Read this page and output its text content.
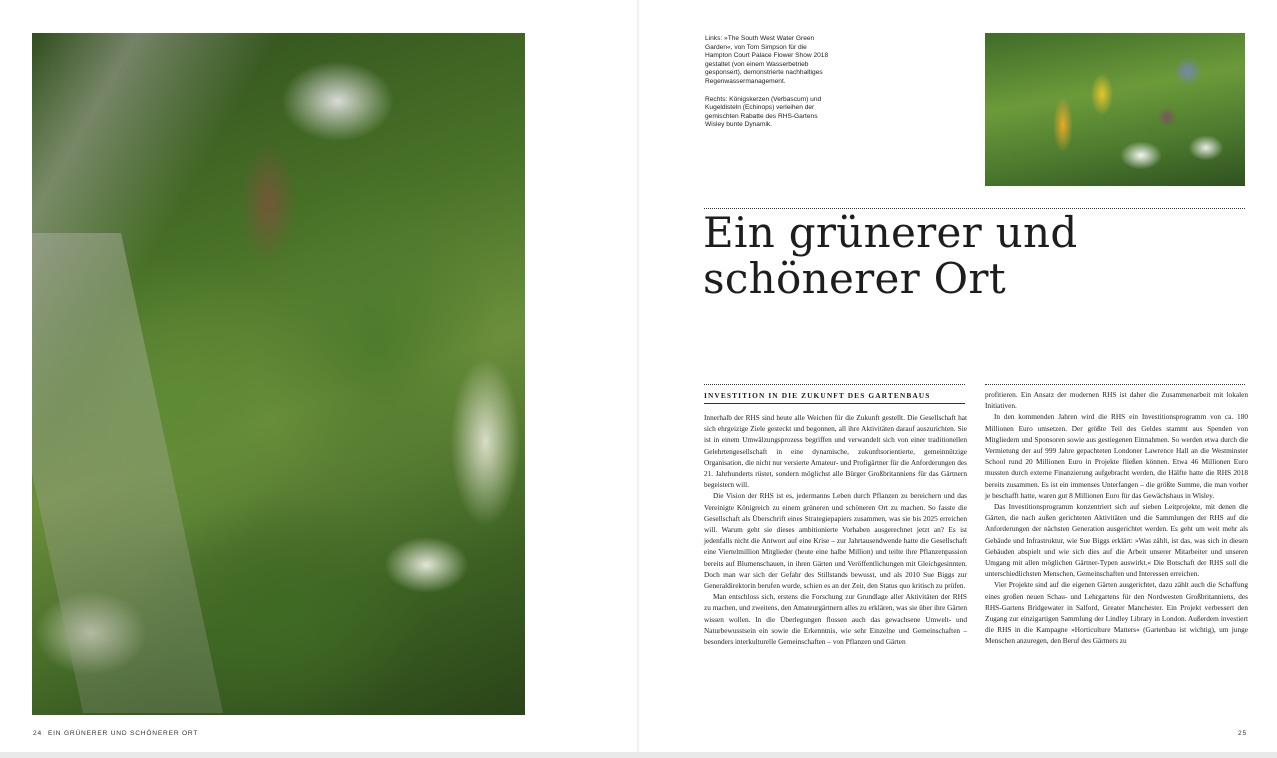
24 EIN GRÜNERER UND SCHÖNERER ORT

Links: »The South West Water Green Garden«, von Tom Simpson für die Hampton Court Palace Flower Show 2018 gestaltet (von einem Wasserbetrieb gesponsert), demonstrierte nachhaltiges Regenwassermanagement.

Rechts: Königskerzen (Verbascum) und Kugeldisteln (Echinops) verleihen der gemischten Rabatte des RHS-Gartens Wisley bunte Dynamik.

Ein grünerer und
schönerer Ort
INVESTITION IN DIE ZUKUNFT DES GARTENBAUS

Innerhalb der RHS sind heute alle Weichen für die Zukunft gestellt. Die Gesellschaft hat sich ehrgeizige Ziele gesteckt und begonnen, all ihre Aktivitäten darauf auszurichten. Sie ist in einem Umwälzungsprozess begriffen und verwandelt sich von einer traditionellen Gelehrtengesellschaft in eine dynamische, zukunftsorientierte, gemeinnützige Organisation, die nicht nur versierte Amateur- und Profigärtner für die Anforderungen des 21. Jahrhunderts rüstet, sondern möglichst alle Bürger Großbritanniens für das Gärtnern begeistern will.

Die Vision der RHS ist es, jedermanns Leben durch Pflanzen zu bereichern und das Vereinigte Königreich zu einem grüneren und schöneren Ort zu machen. So fasste die Gesellschaft als Überschrift eines Strategiepapiers zusammen, was sie bis 2025 erreichen will. Warum geht sie dieses ambitionierte Vorhaben ausgerechnet jetzt an? Es ist jedenfalls nicht die Antwort auf eine Krise – zur Jahrtausendwende hatte die Gesellschaft eine Viertelmillion Mitglieder (heute eine halbe Million) und teilte ihre Pflanzenpassion bereits auf Blumenschauen, in ihren Gärten und Veröffentlichungen mit Gleichgesinnten. Doch man war sich der Gefahr des Stillstands bewusst, und als 2010 Sue Biggs zur Generaldirektorin berufen wurde, schien es an der Zeit, den Status quo kritisch zu prüfen.

Man entschloss sich, erstens die Forschung zur Grundlage aller Aktivitäten der RHS zu machen, und zweitens, den Amateurgärtnern alles zu erklären, was sie über ihre Gärten wissen wollen. In die Überlegungen flossen auch das gewachsene Umwelt- und Naturbewusstsein ein sowie die Erkenntnis, wie sehr Einzelne und Gemeinschaften – besonders interkulturelle Gemeinschaften – von Pflanzen und Gärten

profitieren. Ein Ansatz der modernen RHS ist daher die Zusammenarbeit mit lokalen Initiativen.

In den kommenden Jahren wird die RHS ein Investitionsprogramm von ca. 180 Millionen Euro umsetzen. Der größte Teil des Geldes stammt aus Spenden von Mitgliedern und Sponsoren sowie aus gestiegenen Einnahmen. So werden etwa durch die Vermietung der auf 999 Jahre gepachteten Londoner Lawrence Hall an die Westminster School rund 20 Millionen Euro in Projekte fließen können. Etwa 46 Millionen Euro mussten durch externe Finanzierung aufgebracht werden, die Hälfte hatte die RHS 2018 bereits zusammen. Es ist ein immenses Unterfangen – die größte Summe, die man vorher je beschafft hatte, waren gut 8 Millionen Euro für das Gewächshaus in Wisley.

Das Investitionsprogramm konzentriert sich auf sieben Leitprojekte, mit denen die Gärten, die nach außen gerichteten Aktivitäten und die Sammlungen der RHS auf die Anforderungen der nächsten Generation ausgerichtet werden. Es geht um weit mehr als Gebäude und Infrastruktur, wie Sue Biggs erklärt: »Was zählt, ist das, was sich in diesen Gebäuden abspielt und wie sich dies auf die Arbeit unserer Mitarbeiter und unseren Umgang mit allen möglichen Gärtner-Typen auswirkt.« Die Botschaft der RHS soll die unterschiedlichsten Menschen, Gemeinschaften und Interessen erreichen.

Vier Projekte sind auf die eigenen Gärten ausgerichtet, dazu zählt auch die Schaffung eines großen neuen Schau- und Lehrgartens für den Nordwesten Großbritanniens, des RHS-Gartens Bridgewater in Salford, Greater Manchester. Ein Projekt verbessert den Zugang zur einzigartigen Sammlung der Lindley Library in London. Außerdem investiert die RHS in die Kampagne »Horticulture Matters« (Gartenbau ist wichtig), um junge Menschen anzuregen, den Beruf des Gärtners zu

25
